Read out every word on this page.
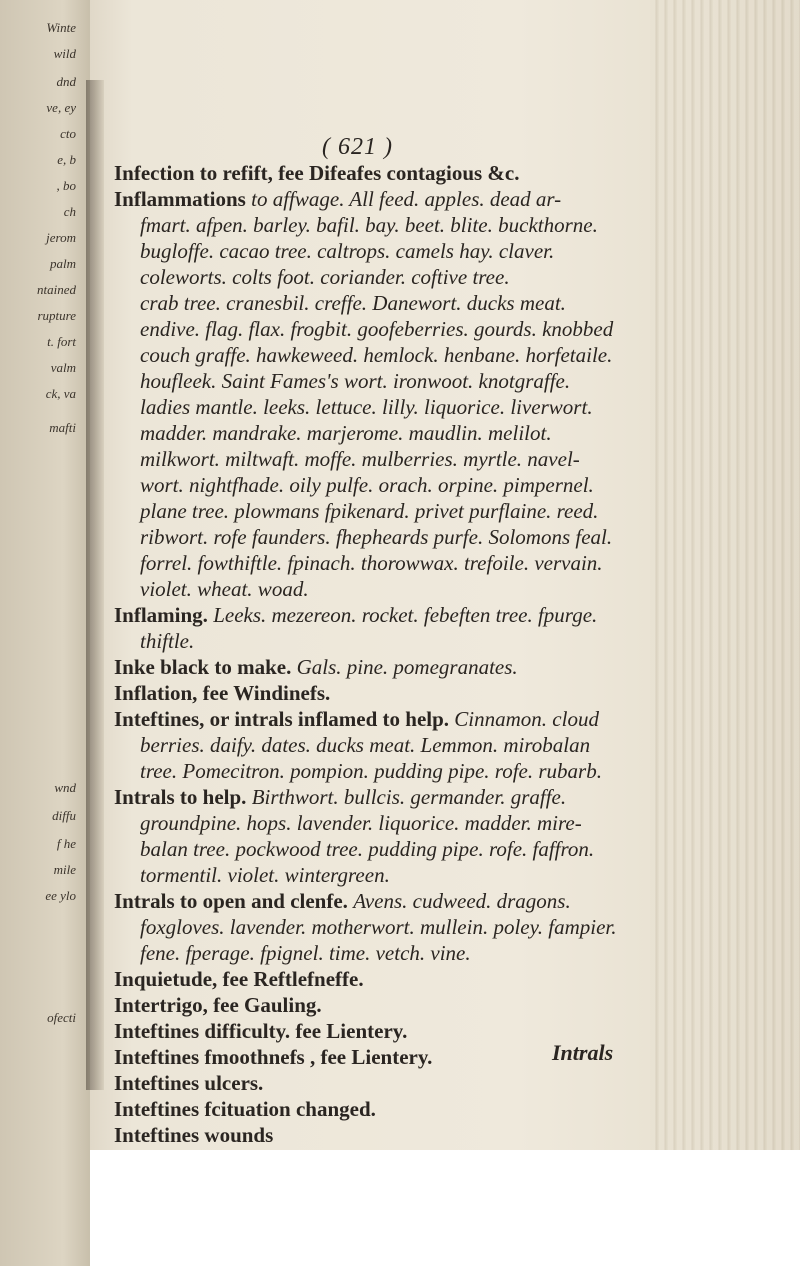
Winte
wild
dnd
ve, ey
cto
e, b
, bo
ch
jerom
palm
ntained
rupture
t. fort
valm
ck, va
mafti
wnd
diffu
f he
mile
ee ylo
ofecti
( 621 )
Infection to refift, fee Difeafes contagious &c.
Inflammations to affwage. All feed. apples. dead ar-
fmart. afpen. barley. bafil. bay. beet. blite. buckthorne.
bugloffe. cacao tree. caltrops. camels hay. claver.
coleworts. colts foot. coriander. coftive tree.
crab tree. cranesbil. creffe. Danewort. ducks meat.
endive. flag. flax. frogbit. goofeberries. gourds. knobbed
couch graffe. hawkeweed. hemlock. henbane. horfetaile.
houfleek. Saint Fames's wort. ironwoot. knotgraffe.
ladies mantle. leeks. lettuce. lilly. liquorice. liverwort.
madder. mandrake. marjerome. maudlin. melilot.
milkwort. miltwaft. moffe. mulberries. myrtle. navel-
wort. nightfhade. oily pulfe. orach. orpine. pimpernel.
plane tree. plowmans fpikenard. privet purflaine. reed.
ribwort. rofe faunders. fhepheards purfe. Solomons feal.
forrel. fowthiftle. fpinach. thorowwax. trefoile. vervain.
violet. wheat. woad.
Inflaming. Leeks. mezereon. rocket. febeften tree. fpurge.
thiftle.
Inke black to make. Gals. pine. pomegranates.
Inflation, fee Windinefs.
Inteftines, or intrals inflamed to help. Cinnamon. cloud
berries. daify. dates. ducks meat. Lemmon. mirobalan
tree. Pomecitron. pompion. pudding pipe. rofe. rubarb.
Intrals to help. Birthwort. bullcis. germander. graffe.
groundpine. hops. lavender. liquorice. madder. mire-
balan tree. pockwood tree. pudding pipe. rofe. faffron.
tormentil. violet. wintergreen.
Intrals to open and clenfe. Avens. cudweed. dragons.
foxgloves. lavender. motherwort. mullein. poley. fampier.
fene. fperage. fpignel. time. vetch. vine.
Inquietude, fee Reftlefneffe.
Intertrigo, fee Gauling.
Inteftines difficulty. fee Lientery.
Inteftines fmoothnefs , fee Lientery.
Inteftines ulcers.
Inteftines fcituation changed.
Inteftines wounds
Intrals
